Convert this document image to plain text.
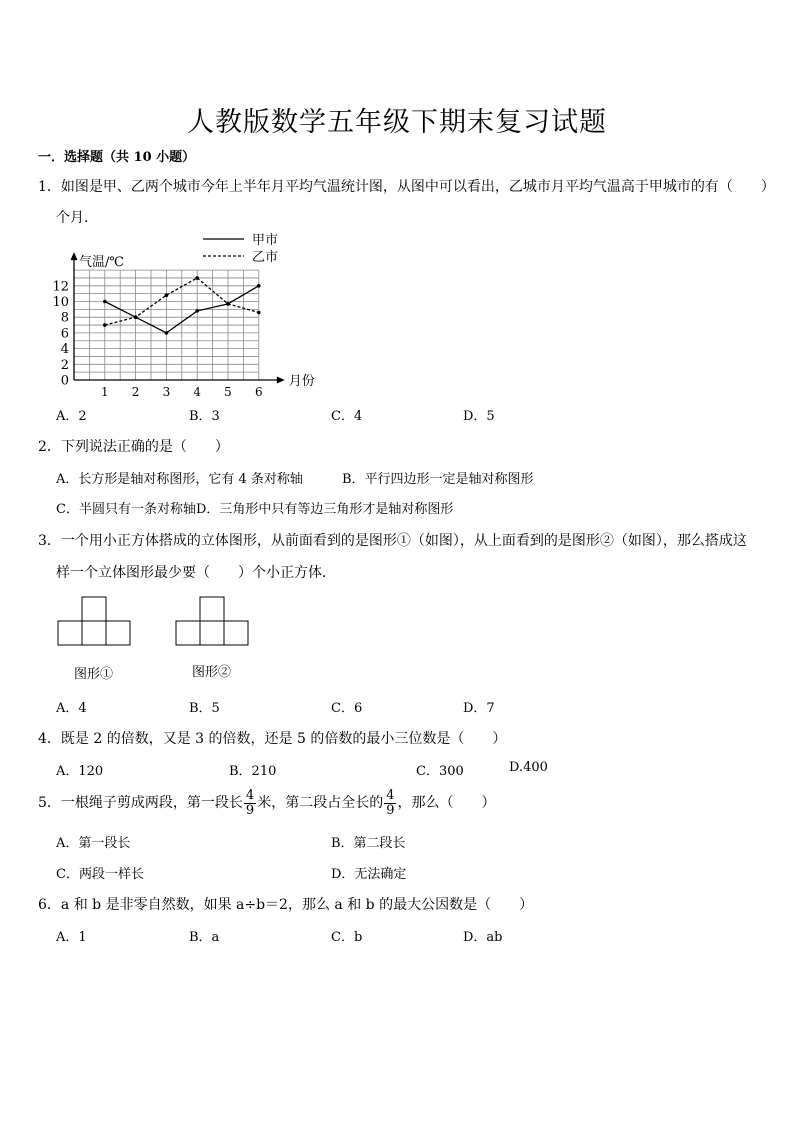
人教版数学五年级下期末复习试题
一．选择题（共 10 小题）
1．如图是甲、乙两个城市今年上半年月平均气温统计图，从图中可以看出，乙城市月平均气温高于甲城市的有（　　）
个月．
气温/℃
月份
0
2
4
6
8
10
12
1 2 3 4 5 6
甲市
乙市
A．2	B．3	C．4	D．5
2．下列说法正确的是（　　）
A．长方形是轴对称图形，它有 4 条对称轴	B．平行四边形一定是轴对称图形
C．半圆只有一条对称轴D．三角形中只有等边三角形才是轴对称图形
3．一个用小正方体搭成的立体图形，从前面看到的是图形①（如图），从上面看到的是图形②（如图），那么搭成这
样一个立体图形最少要（　　）个小正方体．
图形①	图形②
A．4	B．5	C．6	D．7
4．既是 2 的倍数，又是 3 的倍数，还是 5 的倍数的最小三位数是（　　）
A．120	B．210	C．300	D.400
5．一根绳子剪成两段，第一段长 $\frac{4}{9}$ 米，第二段占全长的 $\frac{4}{9}$ ，那么（　　）
A．第一段长	B．第二段长
C．两段一样长	D．无法确定
6．a 和 b 是非零自然数，如果 a÷b＝2，那么 a 和 b 的最大公因数是（　　）
A．1	B．a	C．b	D．ab
